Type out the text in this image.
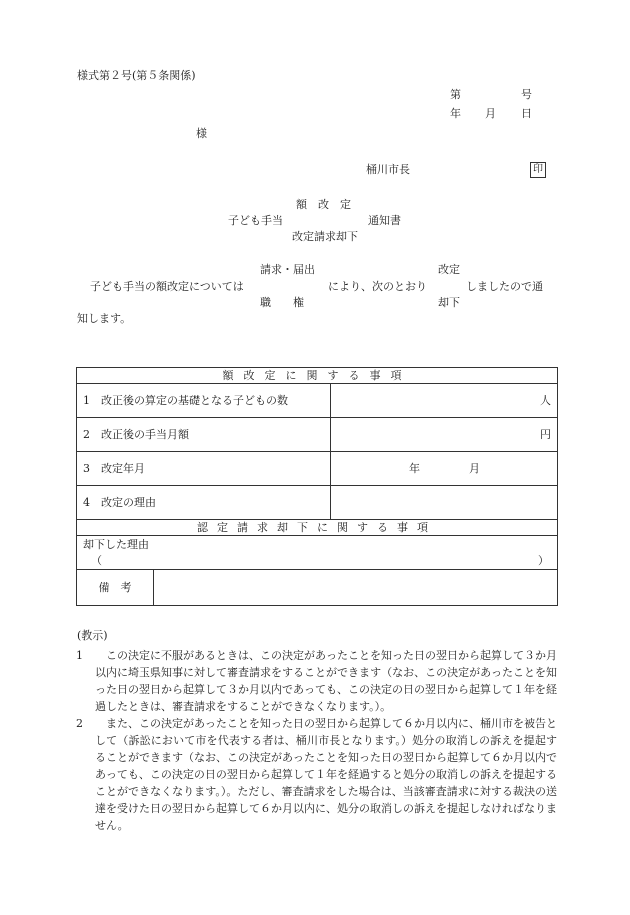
様式第２号(第５条関係)
第	号
年 月 日
様
桶川市長	印
額　改　定
子ども手当	通知書
改定請求却下
請求・届出	改定
子ども手当の額改定については	により、次のとおり	しましたので通
職　　権	却下
知します。
額改定に関する事項		
1　改正後の算定の基礎となる子どもの数		人
2　改正後の手当月額		円
3　改定年月		年 月

4　改定の理由		
認定請求却下に関する事項		

却下した理由
（ ）		

備　考		
(教示)
1	　この決定に不服があるときは、この決定があったことを知った日の翌日から起算して３か月以内に埼玉県知事に対して審査請求をすることができます（なお、この決定があったことを知った日の翌日から起算して３か月以内であっても、この決定の日の翌日から起算して１年を経過したときは、審査請求をすることができなくなります。）。
2	　また、この決定があったことを知った日の翌日から起算して６か月以内に、桶川市を被告として（訴訟において市を代表する者は、桶川市長となります。）処分の取消しの訴えを提起することができます（なお、この決定があったことを知った日の翌日から起算して６か月以内であっても、この決定の日の翌日から起算して１年を経過すると処分の取消しの訴えを提起することができなくなります。）。ただし、審査請求をした場合は、当該審査請求に対する裁決の送達を受けた日の翌日から起算して６か月以内に、処分の取消しの訴えを提起しなければなりません。
